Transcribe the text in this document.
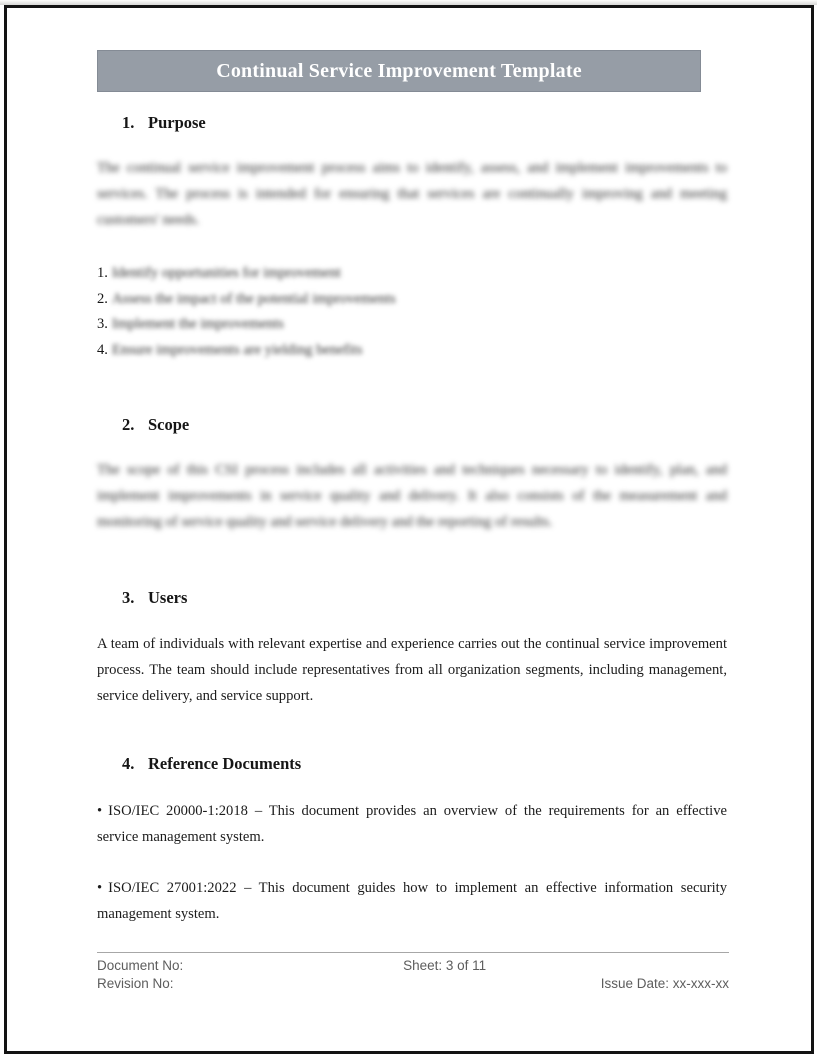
Continual Service Improvement Template
1. Purpose

The continual service improvement process aims to identify, assess, and implement improvements to services. The process is intended for ensuring that services are continually improving and meeting customers' needs.

1. Identify opportunities for improvement
2. Assess the impact of the potential improvements
3. Implement the improvements
4. Ensure improvements are yielding benefits
2. Scope

The scope of this CSI process includes all activities and techniques necessary to identify, plan, and implement improvements in service quality and delivery. It also consists of the measurement and monitoring of service quality and service delivery and the reporting of results.

3. Users

A team of individuals with relevant expertise and experience carries out the continual service improvement process. The team should include representatives from all organization segments, including management, service delivery, and service support.

4. Reference Documents

• ISO/IEC 20000-1:2018 – This document provides an overview of the requirements for an effective service management system.

• ISO/IEC 27001:2022 – This document guides how to implement an effective information security management system.

Document No:	Sheet: 3 of 11
Revision No:	Issue Date: xx-xxx-xx
